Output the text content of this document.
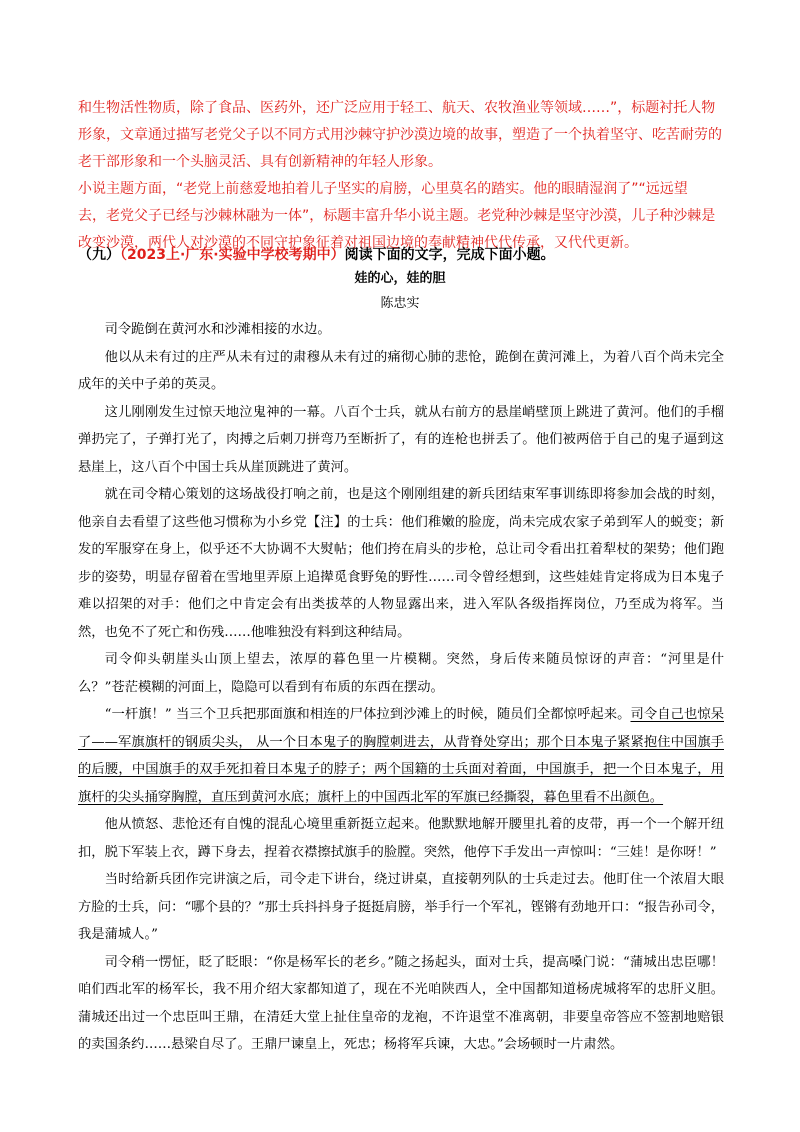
和生物活性物质，除了食品、医药外，还广泛应用于轻工、航天、农牧渔业等领域……”，标题衬托人物

形象，文章通过描写老党父子以不同方式用沙棘守护沙漠边境的故事，塑造了一个执着坚守、吃苦耐劳的

老干部形象和一个头脑灵活、具有创新精神的年轻人形象。

小说主题方面，“老党上前慈爱地拍着儿子坚实的肩膀，心里莫名的踏实。他的眼睛湿润了”“远远望

去，老党父子已经与沙棘林融为一体”，标题丰富升华小说主题。老党种沙棘是坚守沙漠，儿子种沙棘是

改变沙漠，两代人对沙漠的不同守护象征着对祖国边境的奉献精神代代传承，又代代更新。

（九）（2023上·广东·实验中学校考期中）阅读下面的文字，完成下面小题。
娃的心，娃的胆
陈忠实

司令跪倒在黄河水和沙滩相接的水边。

他以从未有过的庄严从未有过的肃穆从未有过的痛彻心肺的悲怆，跪倒在黄河滩上，为着八百个尚未完全成年的关中子弟的英灵。

这儿刚刚发生过惊天地泣鬼神的一幕。八百个士兵，就从右前方的悬崖峭壁顶上跳进了黄河。他们的手榴弹扔完了，子弹打光了，肉搏之后刺刀拼弯乃至断折了，有的连枪也拼丢了。他们被两倍于自己的鬼子逼到这悬崖上，这八百个中国士兵从崖顶跳进了黄河。

就在司令精心策划的这场战役打响之前，也是这个刚刚组建的新兵团结束军事训练即将参加会战的时刻，他亲自去看望了这些他习惯称为小乡党【注】的士兵：他们稚嫩的脸庞，尚未完成农家子弟到军人的蜕变；新发的军服穿在身上，似乎还不大协调不大熨帖；他们挎在肩头的步枪，总让司令看出扛着犁杖的架势；他们跑步的姿势，明显存留着在雪地里弄原上追撵觅食野兔的野性……司令曾经想到，这些娃娃肯定将成为日本鬼子难以招架的对手：他们之中肯定会有出类拔萃的人物显露出来，进入军队各级指挥岗位，乃至成为将军。当然，也免不了死亡和伤残……他唯独没有料到这种结局。

司令仰头朝崖头山顶上望去，浓厚的暮色里一片模糊。突然，身后传来随员惊讶的声音：“河里是什么？”苍茫模糊的河面上，隐隐可以看到有布质的东西在摆动。

“一杆旗！” 当三个卫兵把那面旗和相连的尸体拉到沙滩上的时候，随员们全都惊呼起来。司令自己也惊呆了——军旗旗杆的钢质尖头， 从一个日本鬼子的胸膛刺进去，从背脊处穿出；那个日本鬼子紧紧抱住中国旗手的后腰，中国旗手的双手死扣着日本鬼子的脖子；两个国籍的士兵面对着面，中国旗手，把一个日本鬼子，用旗杆的尖头捅穿胸膛，直压到黄河水底；旗杆上的中国西北军的军旗已经撕裂，暮色里看不出颜色。

他从愤怒、悲怆还有自愧的混乱心境里重新挺立起来。他默默地解开腰里扎着的皮带，再一个一个解开纽扣，脱下军装上衣，蹲下身去，捏着衣襟擦拭旗手的脸膛。突然，他停下手发出一声惊叫：“三娃！是你呀！”

当时给新兵团作完讲演之后，司令走下讲台，绕过讲桌，直接朝列队的士兵走过去。他盯住一个浓眉大眼方脸的士兵，问：“哪个县的？”那士兵抖抖身子挺挺肩膀，举手行一个军礼，铿锵有劲地开口：“报告孙司令，我是蒲城人。”

司令稍一愣怔，眨了眨眼：“你是杨军长的老乡。”随之扬起头，面对士兵，提高嗓门说：“蒲城出忠臣哪！咱们西北军的杨军长，我不用介绍大家都知道了，现在不光咱陕西人，全中国都知道杨虎城将军的忠肝义胆。蒲城还出过一个忠臣叫王鼎，在清廷大堂上扯住皇帝的龙袍，不许退堂不准离朝，非要皇帝答应不签割地赔银的卖国条约……悬梁自尽了。王鼎尸谏皇上，死忠；杨将军兵谏，大忠。”会场顿时一片肃然。
